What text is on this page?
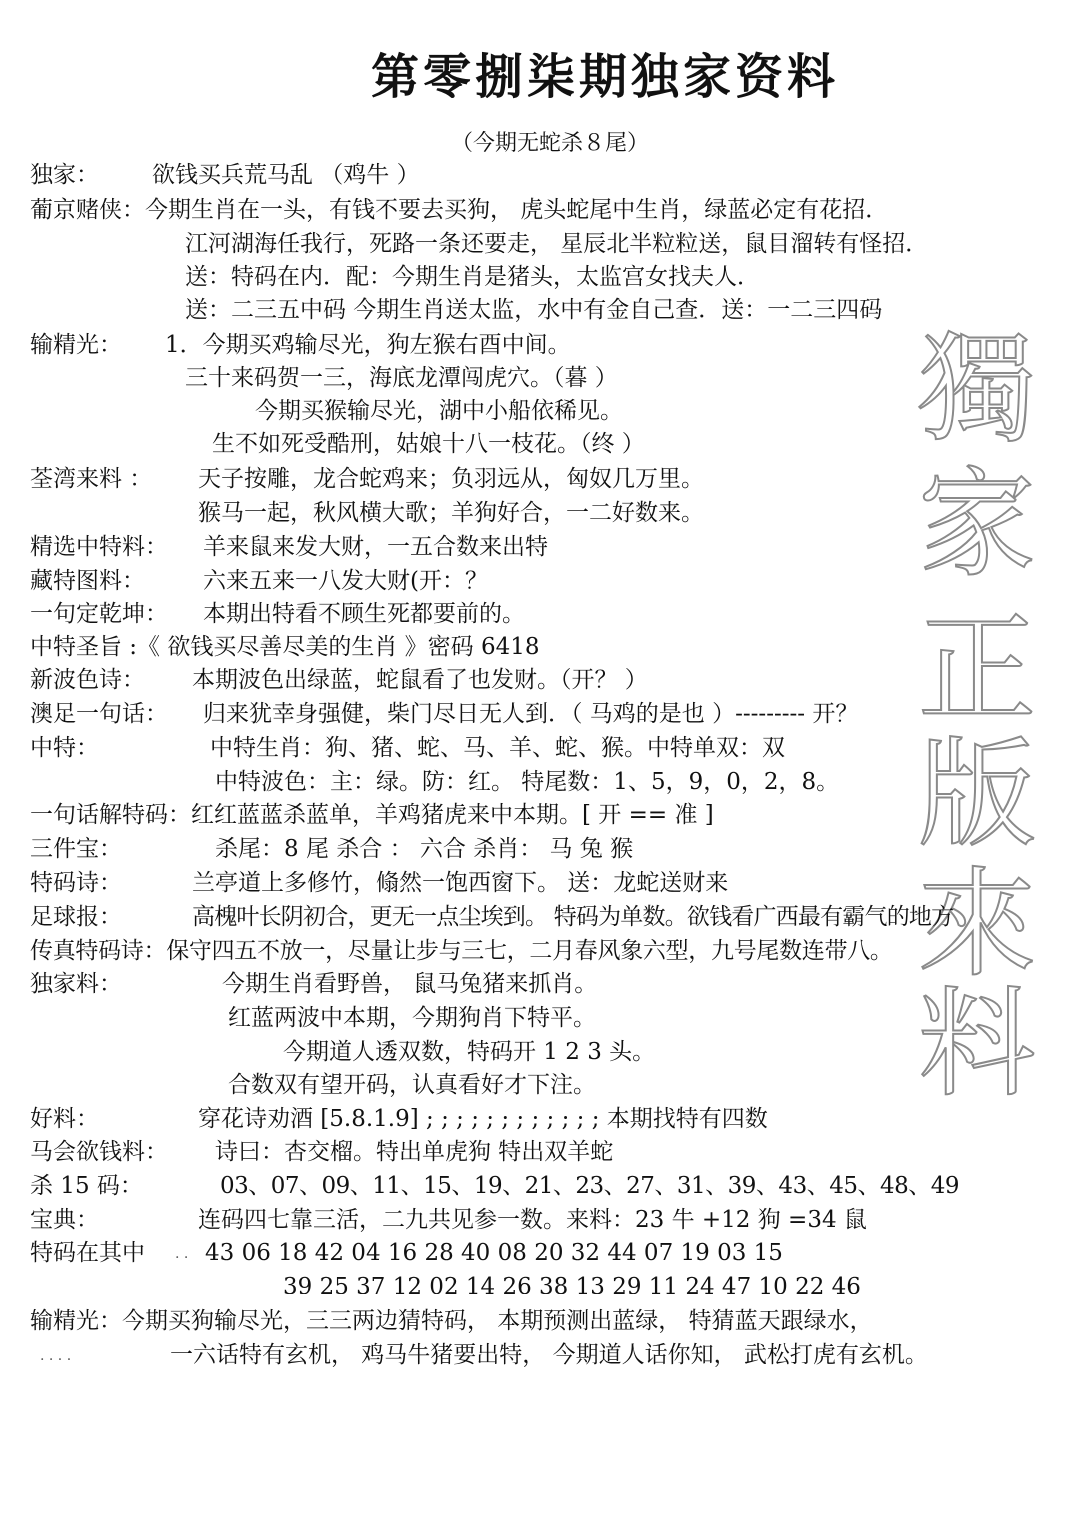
第零捌柒期独家资料
（今期无蛇杀８尾）
獨
家
正
版
來
料
独家： 欲钱买兵荒马乱 （鸡牛 ）
葡京赌侠：今期生肖在一头，有钱不要去买狗， 虎头蛇尾中生肖，绿蓝必定有花招．
江河湖海任我行，死路一条还要走， 星辰北半粒粒送，鼠目溜转有怪招．
送：特码在内．配：今期生肖是猪头，太监宫女找夫人．
送：二三五中码 今期生肖送太监，水中有金自己查．送：一二三四码
输精光： 1．今期买鸡输尽光，狗左猴右酉中间。
三十来码贺一三，海底龙潭闯虎穴。（暮 ）
今期买猴输尽光，湖中小船依稀见。
生不如死受酷刑，姑娘十八一枝花。（终 ）
荃湾来料 ： 天子按雕，龙合蛇鸡来；负羽远从，匈奴几万里。
猴马一起，秋风横大歌；羊狗好合，一二好数来。
精选中特料： 羊来鼠来发大财，一五合数来出特
藏特图料：	六来五来一八发大财(开：？
一句定乾坤： 本期出特看不顾生死都要前的。
中特圣旨 :《 欲钱买尽善尽美的生肖 》密码 6418
新波色诗： 本期波色出绿蓝，蛇鼠看了也发财。（开？ ）
澳足一句话： 归来犹幸身强健，柴门尽日无人到．（ 马鸡的是也 ）--------- 开？
中特：	中特生肖：狗、猪、蛇、马、羊、蛇、猴。中特单双：双
中特波色：主：绿。防：红。 特尾数：1、5，9，0，2，8。
一句话解特码：红红蓝蓝杀蓝单，羊鸡猪虎来中本期。[ 开 == 准 ]
三件宝：	杀尾：8 尾 杀合 ： 六合 杀肖： 马 兔 猴
特码诗：	兰亭道上多修竹，翛然一饱西窗下。 送：龙蛇送财来
足球报：	高槐叶长阴初合，更无一点尘埃到。 特码为单数。欲钱看广西最有霸气的地方
传真特码诗：保守四五不放一，尽量让步与三七，二月春风象六型，九号尾数连带八。
独家料：	今期生肖看野兽， 鼠马兔猪来抓肖。
红蓝两波中本期，今期狗肖下特平。
今期道人透双数，特码开 1 2 3 头。
合数双有望开码，认真看好才下注。
好料：	穿花诗劝酒 [5.8.1.9] ; ; ; ; ; ; ; ; ; ; ; ; 本期找特有四数
马会欲钱料： 诗曰：杏交榴。特出单虎狗 特出双羊蛇
杀 15 码：	03、07、09、11、15、19、21、23、27、31、39、43、45、48、49
宝典：	连码四七靠三活，二九共见参一数。来料：23 牛 +12 狗 =34 鼠
特码在其中 . . 43 06 18 42 04 16 28 40 08 20 32 44 07 19 03 15
39 25 37 12 02 14 26 38 13 29 11 24 47 10 22 46
输精光：今期买狗输尽光，三三两边猜特码， 本期预测出蓝绿， 特猜蓝天跟绿水，
. . . .	一六话特有玄机， 鸡马牛猪要出特， 今期道人话你知， 武松打虎有玄机。
